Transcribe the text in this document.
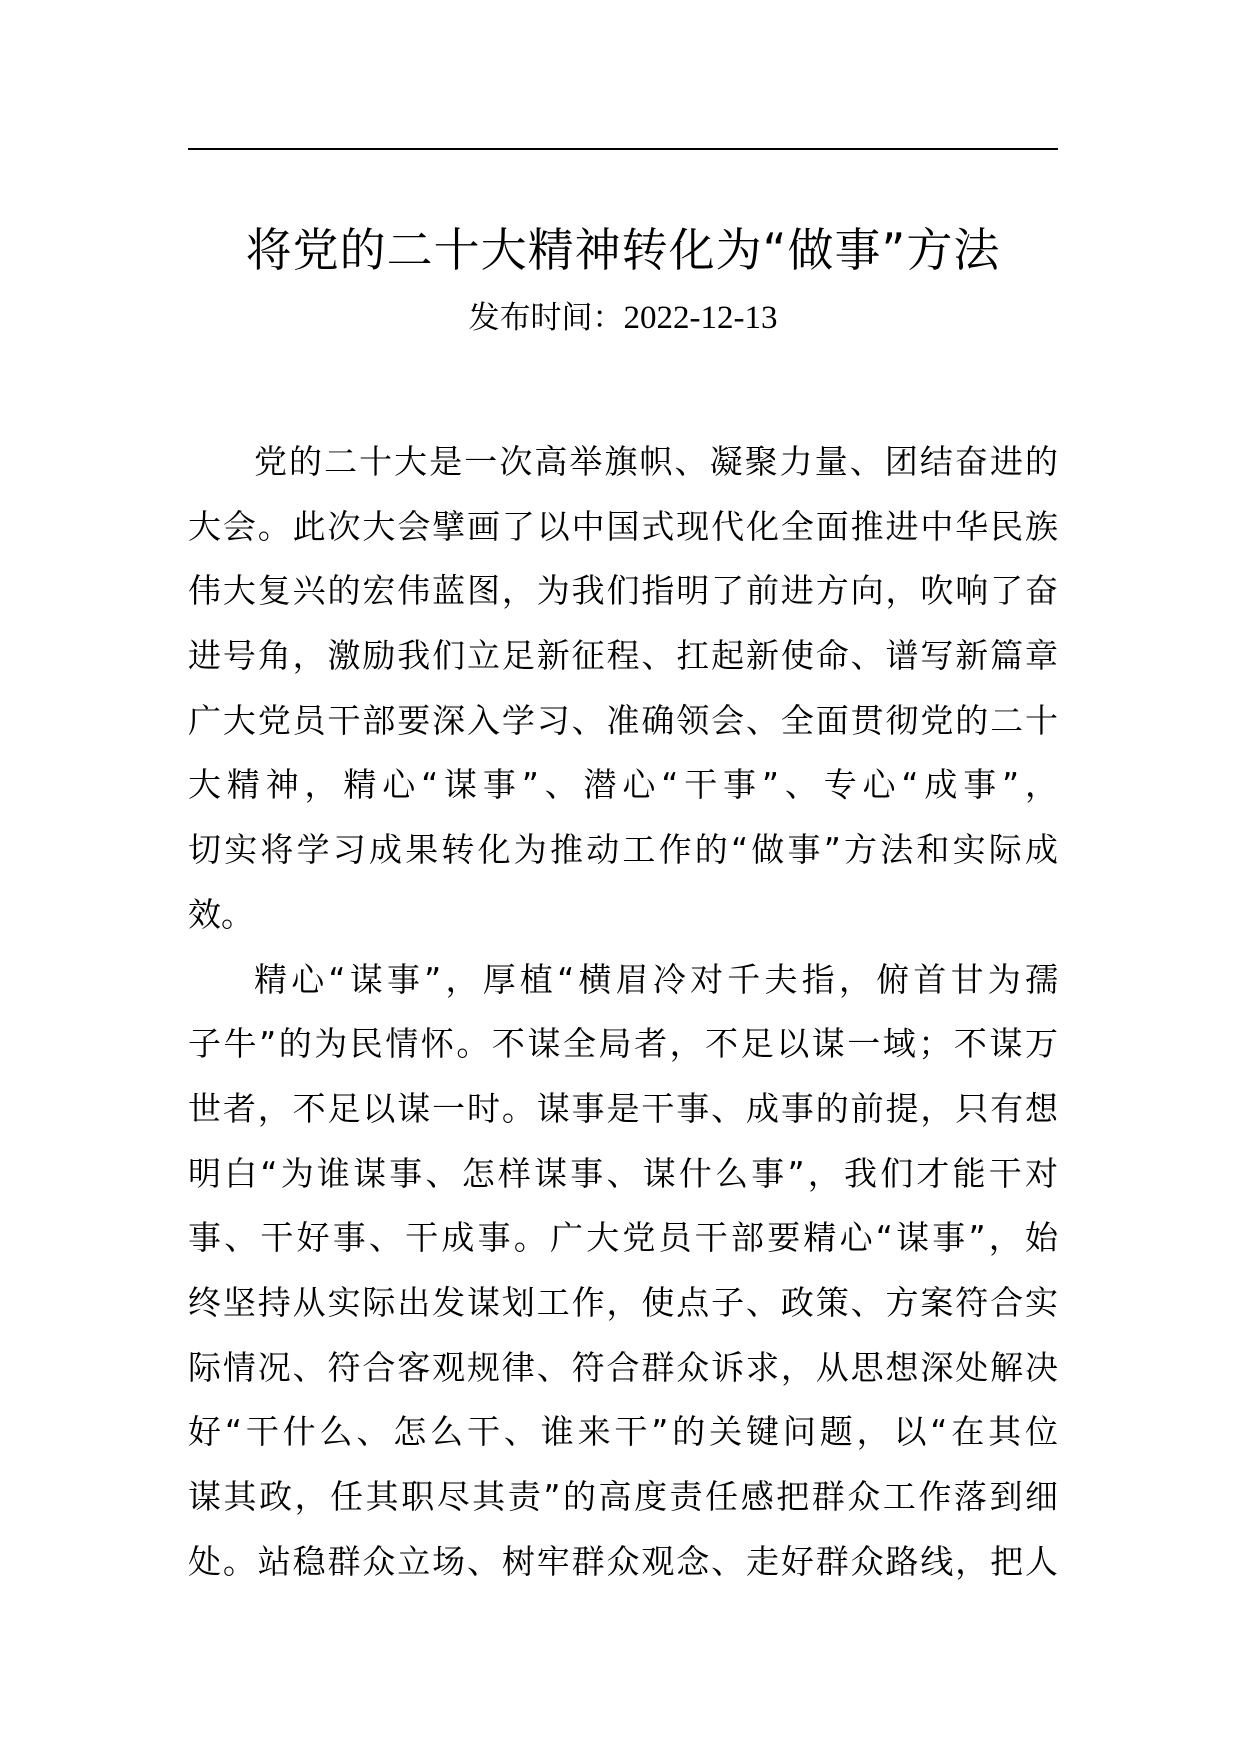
将党的二十大精神转化为“做事”方法
发布时间：2022-12-13
党的二十大是一次高举旗帜、凝聚力量、团结奋进的
大会。此次大会擘画了以中国式现代化全面推进中华民族
伟大复兴的宏伟蓝图，为我们指明了前进方向，吹响了奋
进号角，激励我们立足新征程、扛起新使命、谱写新篇章
广大党员干部要深入学习、准确领会、全面贯彻党的二十
大精神，精心“谋事”、潜心“干事”、专心“成事”，
切实将学习成果转化为推动工作的“做事”方法和实际成
效。
精心“谋事”，厚植“横眉冷对千夫指，俯首甘为孺
子牛”的为民情怀。不谋全局者，不足以谋一域；不谋万
世者，不足以谋一时。谋事是干事、成事的前提，只有想
明白“为谁谋事、怎样谋事、谋什么事”，我们才能干对
事、干好事、干成事。广大党员干部要精心“谋事”，始
终坚持从实际出发谋划工作，使点子、政策、方案符合实
际情况、符合客观规律、符合群众诉求，从思想深处解决
好“干什么、怎么干、谁来干”的关键问题，以“在其位
谋其政，任其职尽其责”的高度责任感把群众工作落到细
处。站稳群众立场、树牢群众观念、走好群众路线，把人
